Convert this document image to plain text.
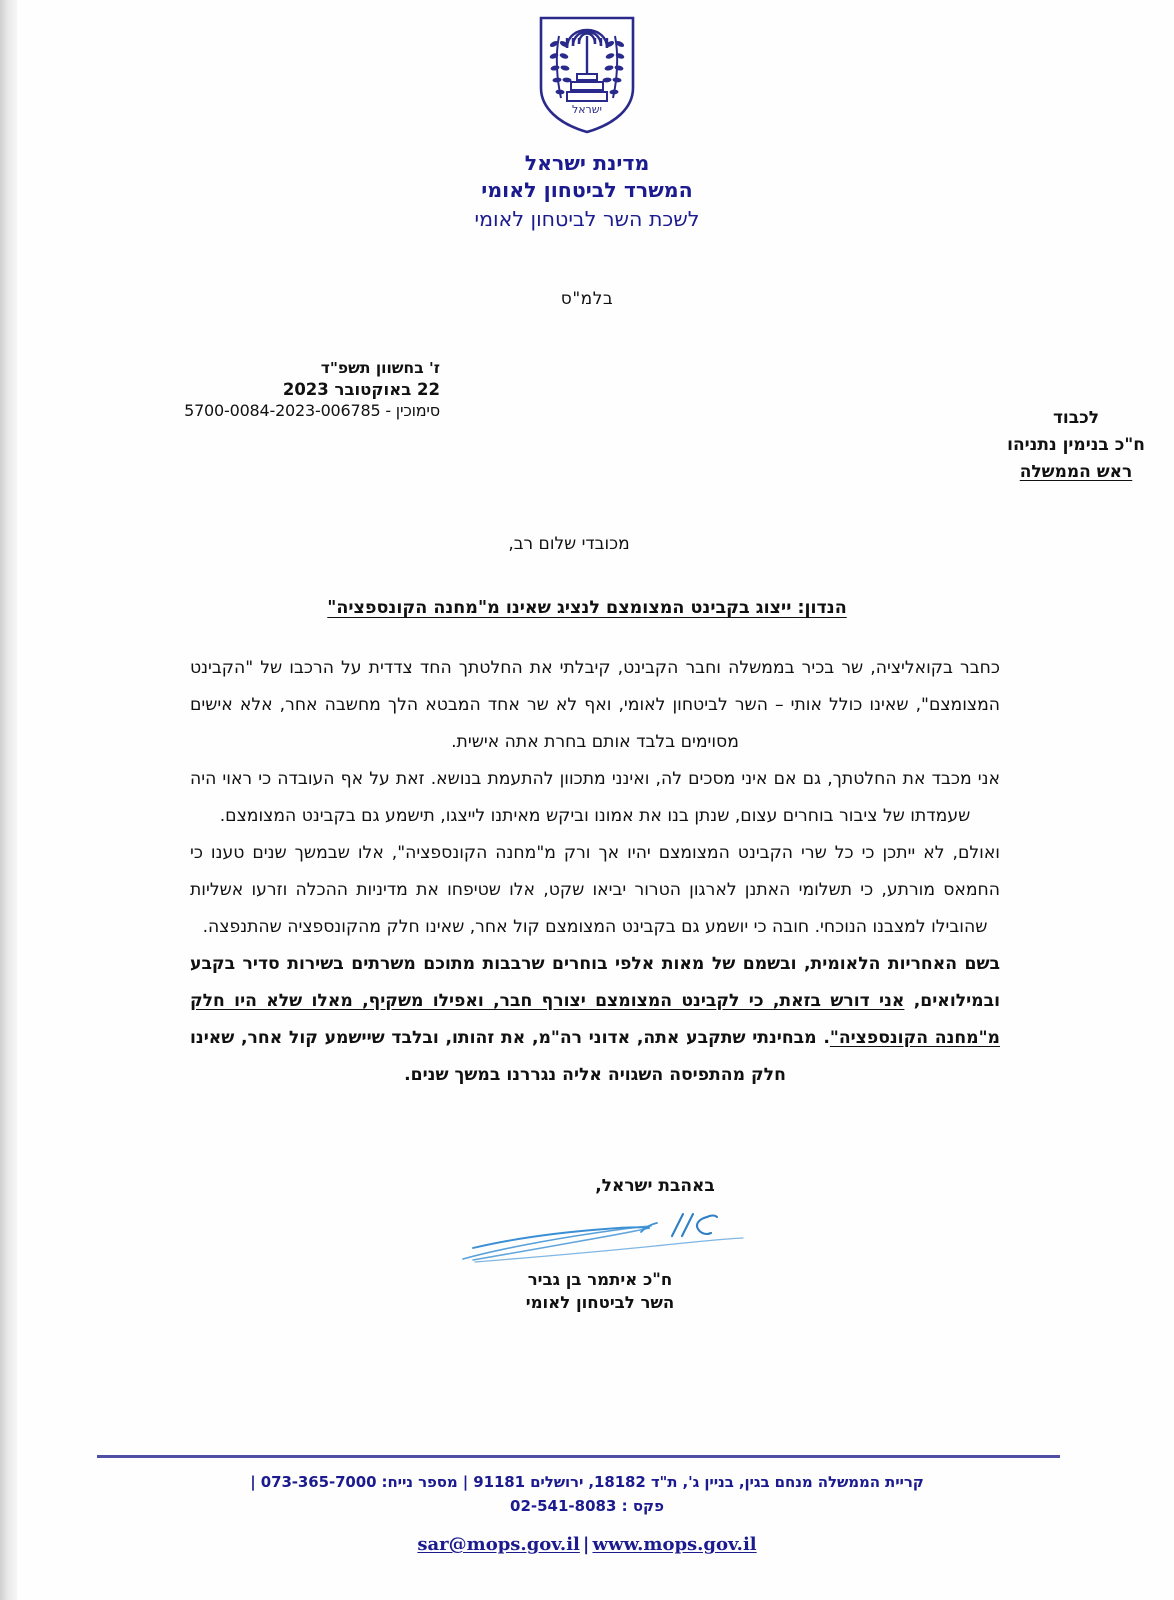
ישראל
מדינת ישראל
המשרד לביטחון לאומי
לשכת השר לביטחון לאומי
בלמ"ס
ז' בחשוון תשפ"ד
22 באוקטובר 2023
סימוכין - 5700-0084-2023-006785	לכבוד
ח"כ בנימין נתניהו
ראש הממשלה
מכובדי שלום רב,
הנדון: ייצוג בקבינט המצומצם לנציג שאינו מ"מחנה הקונספציה"

כחבר בקואליציה, שר בכיר בממשלה וחבר הקבינט, קיבלתי את החלטתך החד צדדית על הרכבו של "הקבינט המצומצם", שאינו כולל אותי – השר לביטחון לאומי, ואף לא שר אחד המבטא הלך מחשבה אחר, אלא אישים מסוימים בלבד אותם בחרת אתה אישית.

אני מכבד את החלטתך, גם אם איני מסכים לה, ואינני מתכוון להתעמת בנושא. זאת על אף העובדה כי ראוי היה שעמדתו של ציבור בוחרים עצום, שנתן בנו את אמונו וביקש מאיתנו לייצגו, תישמע גם בקבינט המצומצם.

ואולם, לא ייתכן כי כל שרי הקבינט המצומצם יהיו אך ורק מ"מחנה הקונספציה", אלו שבמשך שנים טענו כי החמאס מורתע, כי תשלומי האתנן לארגון הטרור יביאו שקט, אלו שטיפחו את מדיניות ההכלה וזרעו אשליות שהובילו למצבנו הנוכחי. חובה כי יושמע גם בקבינט המצומצם קול אחר, שאינו חלק מהקונספציה שהתנפצה.

בשם האחריות הלאומית, ובשמם של מאות אלפי בוחרים שרבבות מתוכם משרתים בשירות סדיר בקבע ובמילואים, אני דורש בזאת, כי לקבינט המצומצם יצורף חבר, ואפילו משקיף, מאלו שלא היו חלק מ"מחנה הקונספציה". מבחינתי שתקבע אתה, אדוני רה"מ, את זהותו, ובלבד שיישמע קול אחר, שאינו חלק מהתפיסה השגויה אליה נגררנו במשך שנים.

באהבת ישראל,
ח"כ איתמר בן גביר
השר לביטחון לאומי
קריית הממשלה מנחם בגין, בניין ג', ת"ד 18182, ירושלים 91181 | מספר נייח: 073-365-7000 |
פקס : 02-541-8083
sar@mops.gov.il | www.mops.gov.il
